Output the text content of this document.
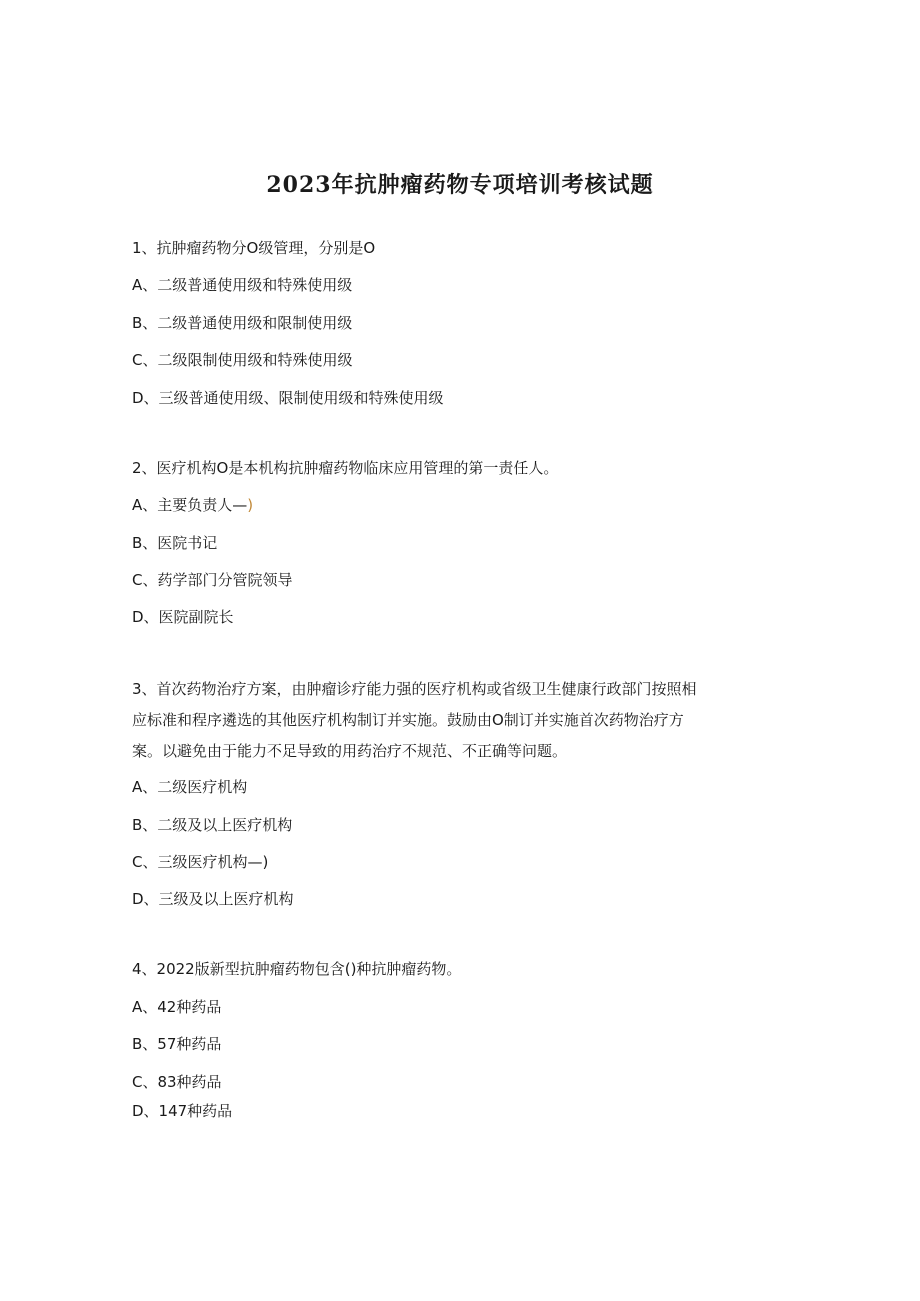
2023年抗肿瘤药物专项培训考核试题
1、抗肿瘤药物分O级管理，分别是O
A、二级普通使用级和特殊使用级
B、二级普通使用级和限制使用级
C、二级限制使用级和特殊使用级
D、三级普通使用级、限制使用级和特殊使用级
2、医疗机构O是本机构抗肿瘤药物临床应用管理的第一责任人。
A、主要负责人—)
B、医院书记
C、药学部门分管院领导
D、医院副院长
3、首次药物治疗方案，由肿瘤诊疗能力强的医疗机构或省级卫生健康行政部门按照相
应标准和程序遴选的其他医疗机构制订并实施。鼓励由O制订并实施首次药物治疗方
案。以避免由于能力不足导致的用药治疗不规范、不正确等问题。
A、二级医疗机构
B、二级及以上医疗机构
C、三级医疗机构—)
D、三级及以上医疗机构
4、2022版新型抗肿瘤药物包含()种抗肿瘤药物。
A、42种药品
B、57种药品
C、83种药品
D、147种药品
